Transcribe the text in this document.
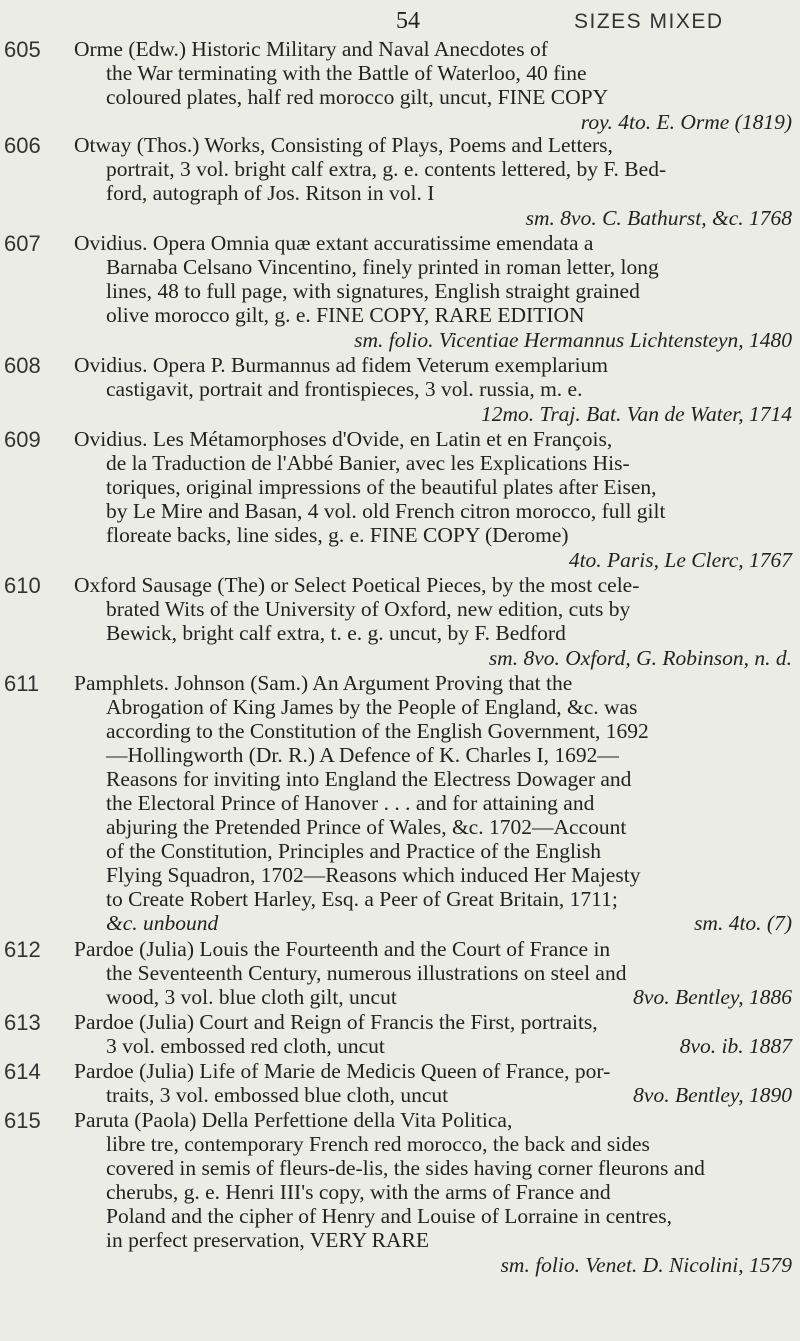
54	SIZES MIXED
605 Orme (Edw.) Historic Military and Naval Anecdotes of
the War terminating with the Battle of Waterloo, 40 fine
coloured plates, half red morocco gilt, uncut, FINE COPY
roy. 4to. E. Orme (1819)
606 Otway (Thos.) Works, Consisting of Plays, Poems and Letters,
portrait, 3 vol. bright calf extra, g. e. contents lettered, by F. Bed-
ford, autograph of Jos. Ritson in vol. I
sm. 8vo. C. Bathurst, &c. 1768
607 Ovidius. Opera Omnia quæ extant accuratissime emendata a
Barnaba Celsano Vincentino, finely printed in roman letter, long
lines, 48 to full page, with signatures, English straight grained
olive morocco gilt, g. e. FINE COPY, RARE EDITION
sm. folio. Vicentiae Hermannus Lichtensteyn, 1480
608 Ovidius. Opera P. Burmannus ad fidem Veterum exemplarium
castigavit, portrait and frontispieces, 3 vol. russia, m. e.
12mo. Traj. Bat. Van de Water, 1714
609 Ovidius. Les Métamorphoses d'Ovide, en Latin et en François,
de la Traduction de l'Abbé Banier, avec les Explications His-
toriques, original impressions of the beautiful plates after Eisen,
by Le Mire and Basan, 4 vol. old French citron morocco, full gilt
floreate backs, line sides, g. e. FINE COPY (Derome)
4to. Paris, Le Clerc, 1767
610 Oxford Sausage (The) or Select Poetical Pieces, by the most cele-
brated Wits of the University of Oxford, new edition, cuts by
Bewick, bright calf extra, t. e. g. uncut, by F. Bedford
sm. 8vo. Oxford, G. Robinson, n. d.
611 Pamphlets. Johnson (Sam.) An Argument Proving that the
Abrogation of King James by the People of England, &c. was
according to the Constitution of the English Government, 1692
—Hollingworth (Dr. R.) A Defence of K. Charles I, 1692—
Reasons for inviting into England the Electress Dowager and
the Electoral Prince of Hanover . . . and for attaining and
abjuring the Pretended Prince of Wales, &c. 1702—Account
of the Constitution, Principles and Practice of the English
Flying Squadron, 1702—Reasons which induced Her Majesty
to Create Robert Harley, Esq. a Peer of Great Britain, 1711;
&c. unbound	sm. 4to. (7)
612 Pardoe (Julia) Louis the Fourteenth and the Court of France in
the Seventeenth Century, numerous illustrations on steel and
wood, 3 vol. blue cloth gilt, uncut	8vo. Bentley, 1886
613 Pardoe (Julia) Court and Reign of Francis the First, portraits,
3 vol. embossed red cloth, uncut	8vo. ib. 1887
614 Pardoe (Julia) Life of Marie de Medicis Queen of France, por-
traits, 3 vol. embossed blue cloth, uncut	8vo. Bentley, 1890
615 Paruta (Paola) Della Perfettione della Vita Politica,
libre tre, contemporary French red morocco, the back and sides
covered in semis of fleurs-de-lis, the sides having corner fleurons and
cherubs, g. e. Henri III's copy, with the arms of France and
Poland and the cipher of Henry and Louise of Lorraine in centres,
in perfect preservation, VERY RARE
sm. folio. Venet. D. Nicolini, 1579
